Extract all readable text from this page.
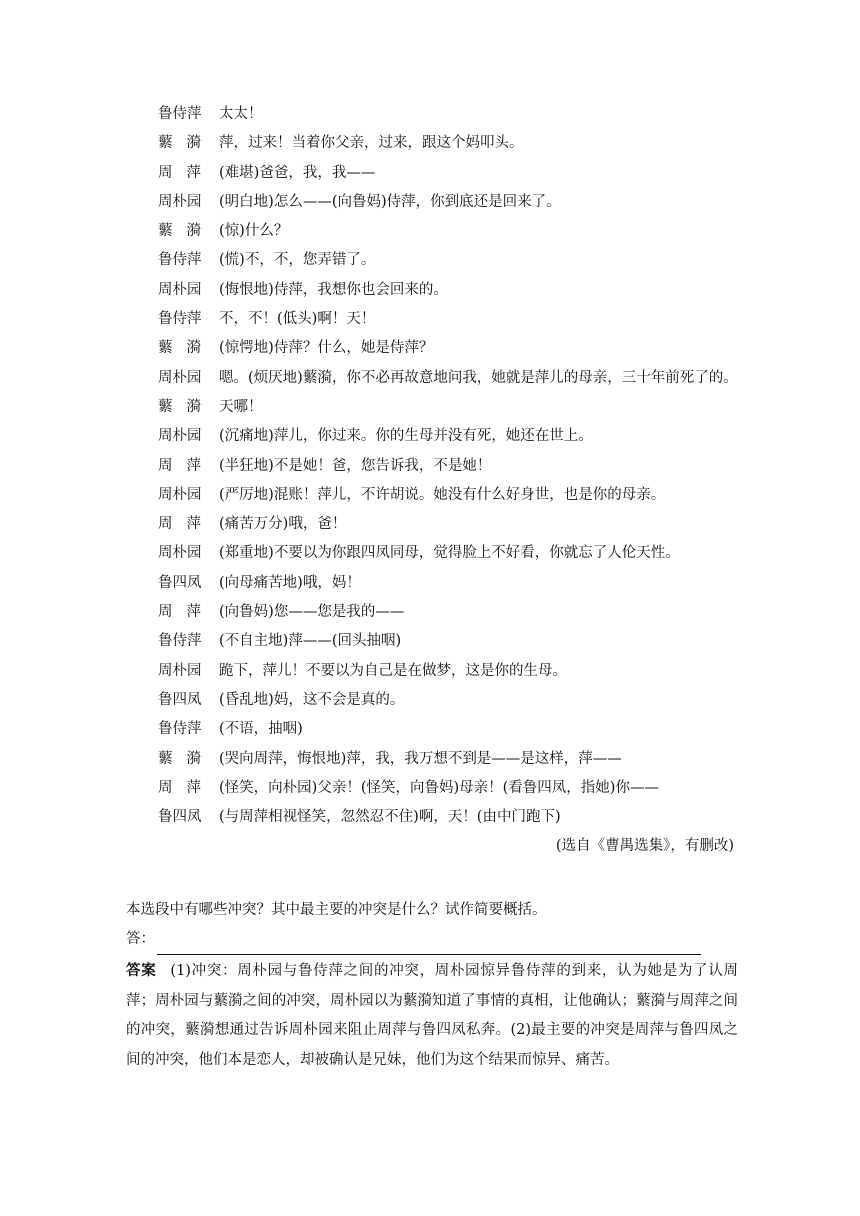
鲁侍萍	太太！
蘩漪 萍，过来！当着你父亲，过来，跟这个妈叩头。
周萍 (难堪)爸爸，我，我——
周朴园	(明白地)怎么——(向鲁妈)侍萍，你到底还是回来了。
蘩漪 (惊)什么？
鲁侍萍	(慌)不，不，您弄错了。
周朴园	(悔恨地)侍萍，我想你也会回来的。
鲁侍萍	不，不！(低头)啊！天！
蘩漪 (惊愕地)侍萍？什么，她是侍萍？
周朴园	嗯。(烦厌地)蘩漪，你不必再故意地问我，她就是萍儿的母亲，三十年前死了的。
蘩漪 天哪！
周朴园	(沉痛地)萍儿，你过来。你的生母并没有死，她还在世上。
周萍 (半狂地)不是她！爸，您告诉我，不是她！
周朴园	(严厉地)混账！萍儿，不许胡说。她没有什么好身世，也是你的母亲。
周萍 (痛苦万分)哦，爸！
周朴园	(郑重地)不要以为你跟四凤同母，觉得脸上不好看，你就忘了人伦天性。
鲁四凤	(向母痛苦地)哦，妈！
周萍 (向鲁妈)您——您是我的——
鲁侍萍	(不自主地)萍——(回头抽咽)
周朴园	跪下，萍儿！不要以为自己是在做梦，这是你的生母。
鲁四凤	(昏乱地)妈，这不会是真的。
鲁侍萍	(不语，抽咽)
蘩漪 (哭向周萍，悔恨地)萍，我，我万想不到是——是这样，萍——
周萍 (怪笑，向朴园)父亲！(怪笑，向鲁妈)母亲！(看鲁四凤，指她)你——
鲁四凤	(与周萍相视怪笑，忽然忍不住)啊，天！(由中门跑下)
(选自《曹禺选集》，有删改)
本选段中有哪些冲突？其中最主要的冲突是什么？试作简要概括。
答：
答案 (1)冲突：周朴园与鲁侍萍之间的冲突，周朴园惊异鲁侍萍的到来，认为她是为了认周萍；周朴园与蘩漪之间的冲突，周朴园以为蘩漪知道了事情的真相，让他确认；蘩漪与周萍之间的冲突，蘩漪想通过告诉周朴园来阻止周萍与鲁四凤私奔。(2)最主要的冲突是周萍与鲁四凤之间的冲突，他们本是恋人，却被确认是兄妹，他们为这个结果而惊异、痛苦。
